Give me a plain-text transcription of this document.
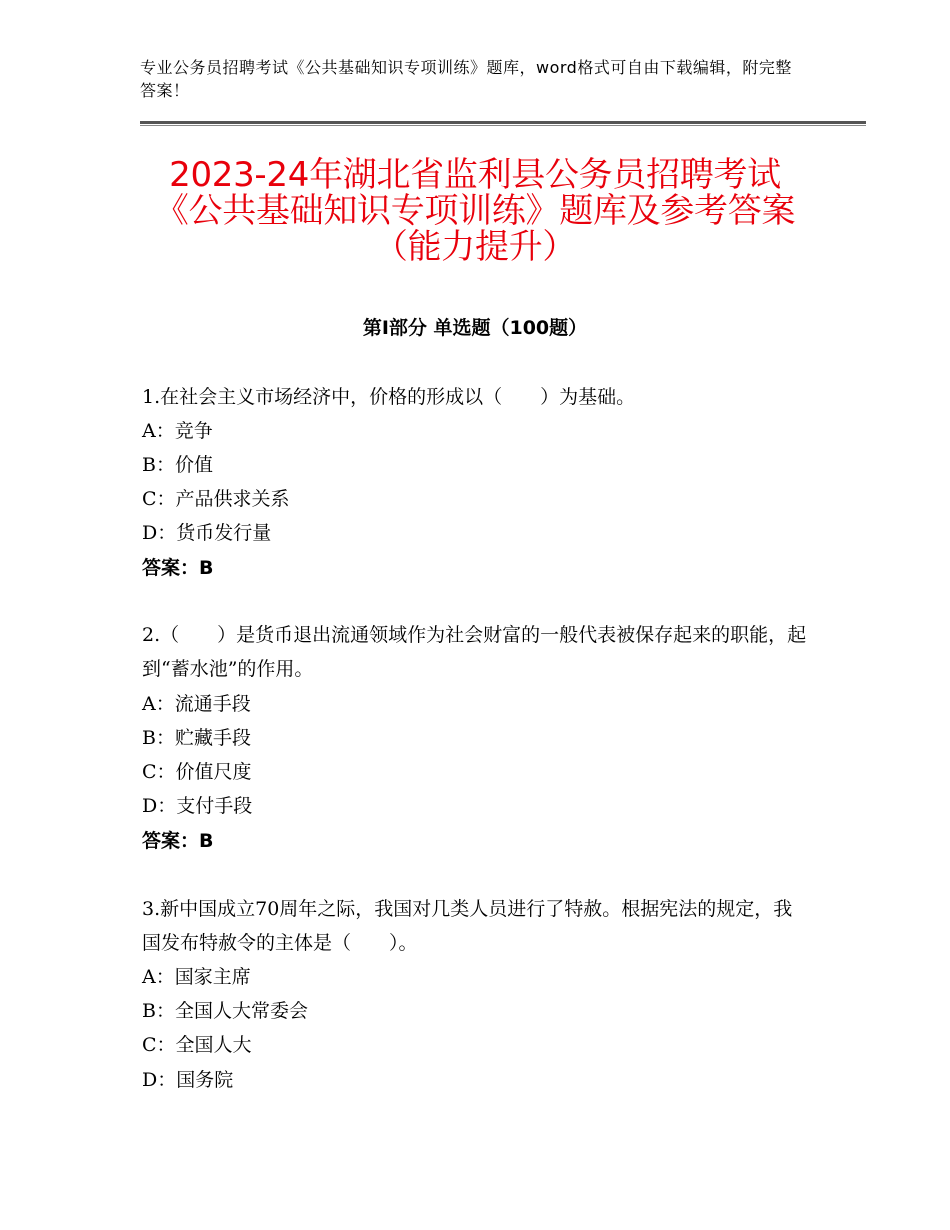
专业公务员招聘考试《公共基础知识专项训练》题库，word格式可自由下载编辑，附完整答案！
2023-24年湖北省监利县公务员招聘考试
《公共基础知识专项训练》题库及参考答案
（能力提升）
第Ⅰ部分 单选题（100题）
1.在社会主义市场经济中，价格的形成以（　　）为基础。
A：竞争
B：价值
C：产品供求关系
D：货币发行量
答案：B
2.（　　）是货币退出流通领域作为社会财富的一般代表被保存起来的职能，起到“蓄水池”的作用。
A：流通手段
B：贮藏手段
C：价值尺度
D：支付手段
答案：B
3.新中国成立70周年之际，我国对几类人员进行了特赦。根据宪法的规定，我国发布特赦令的主体是（　　）。
A：国家主席
B：全国人大常委会
C：全国人大
D：国务院
